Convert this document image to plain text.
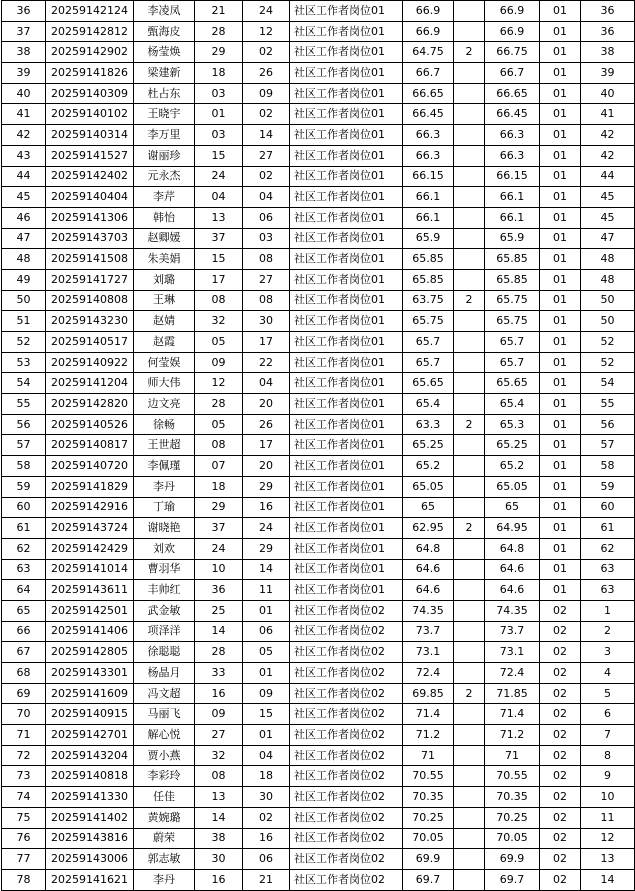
36	20259142124	李凌凤	21	24	社区工作者岗位01	66.9		66.9	01	36
37	20259142812	甄海皮	28	12	社区工作者岗位01	66.9		66.9	01	36
38	20259142902	杨莹焕	29	02	社区工作者岗位01	64.75	2	66.75	01	38
39	20259141826	梁建新	18	26	社区工作者岗位01	66.7		66.7	01	39
40	20259140309	杜占东	03	09	社区工作者岗位01	66.65		66.65	01	40
41	20259140102	王晓宇	01	02	社区工作者岗位01	66.45		66.45	01	41
42	20259140314	李万里	03	14	社区工作者岗位01	66.3		66.3	01	42
43	20259141527	谢丽珍	15	27	社区工作者岗位01	66.3		66.3	01	42
44	20259142402	元永杰	24	02	社区工作者岗位01	66.15		66.15	01	44
45	20259140404	李芹	04	04	社区工作者岗位01	66.1		66.1	01	45
46	20259141306	韩怡	13	06	社区工作者岗位01	66.1		66.1	01	45
47	20259143703	赵卿媛	37	03	社区工作者岗位01	65.9		65.9	01	47
48	20259141508	朱美娟	15	08	社区工作者岗位01	65.85		65.85	01	48
49	20259141727	刘璐	17	27	社区工作者岗位01	65.85		65.85	01	48
50	20259140808	王琳	08	08	社区工作者岗位01	63.75	2	65.75	01	50
51	20259143230	赵婧	32	30	社区工作者岗位01	65.75		65.75	01	50
52	20259140517	赵霞	05	17	社区工作者岗位01	65.7		65.7	01	52
53	20259140922	何莹娱	09	22	社区工作者岗位01	65.7		65.7	01	52
54	20259141204	师大伟	12	04	社区工作者岗位01	65.65		65.65	01	54
55	20259142820	边文亮	28	20	社区工作者岗位01	65.4		65.4	01	55
56	20259140526	徐畅	05	26	社区工作者岗位01	63.3	2	65.3	01	56
57	20259140817	王世超	08	17	社区工作者岗位01	65.25		65.25	01	57
58	20259140720	李佩瑾	07	20	社区工作者岗位01	65.2		65.2	01	58
59	20259141829	李丹	18	29	社区工作者岗位01	65.05		65.05	01	59
60	20259142916	丁瑜	29	16	社区工作者岗位01	65		65	01	60
61	20259143724	谢晓艳	37	24	社区工作者岗位01	62.95	2	64.95	01	61
62	20259142429	刘欢	24	29	社区工作者岗位01	64.8		64.8	01	62
63	20259141014	曹羽华	10	14	社区工作者岗位01	64.6		64.6	01	63
64	20259143611	丰帅红	36	11	社区工作者岗位01	64.6		64.6	01	63
65	20259142501	武金敏	25	01	社区工作者岗位02	74.35		74.35	02	1
66	20259141406	项泽洋	14	06	社区工作者岗位02	73.7		73.7	02	2
67	20259142805	徐聪聪	28	05	社区工作者岗位02	73.1		73.1	02	3
68	20259143301	杨晶月	33	01	社区工作者岗位02	72.4		72.4	02	4
69	20259141609	冯文超	16	09	社区工作者岗位02	69.85	2	71.85	02	5
70	20259140915	马丽飞	09	15	社区工作者岗位02	71.4		71.4	02	6
71	20259142701	解心悦	27	01	社区工作者岗位02	71.2		71.2	02	7
72	20259143204	贾小燕	32	04	社区工作者岗位02	71		71	02	8
73	20259140818	李彩玲	08	18	社区工作者岗位02	70.55		70.55	02	9
74	20259141330	任佳	13	30	社区工作者岗位02	70.35		70.35	02	10
75	20259141402	黄婉璐	14	02	社区工作者岗位02	70.25		70.25	02	11
76	20259143816	蔚荣	38	16	社区工作者岗位02	70.05		70.05	02	12
77	20259143006	郭志敏	30	06	社区工作者岗位02	69.9		69.9	02	13
78	20259141621	李丹	16	21	社区工作者岗位02	69.7		69.7	02	14
